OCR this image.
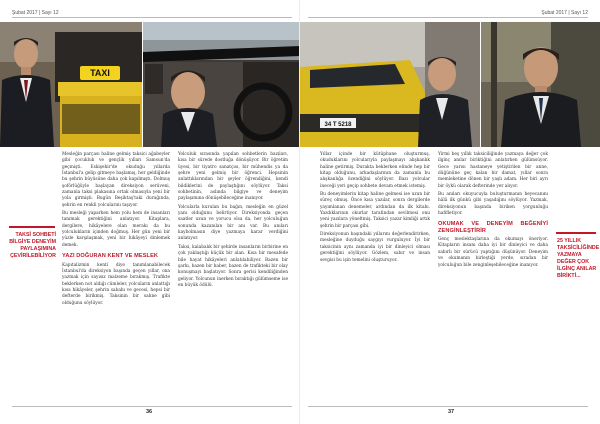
Şubat 2017 | Sayı 12
TAXI

Mesleğin parçası haline gelmiş taksici ağabeyler gibi çocukluk ve gençlik yılları Samsun'da geçmişti. Eskişehir'de okuduğu yıllarda İstanbul'a gelip gitmeye başlamış, her geldiğinde bu şehrin büyüsüne daha çok kapılmıştı. Dolmuş şoförlüğüyle başlayan direksiyon serüveni, zamanla taksi plakasına ortak olmasıyla yeni bir yola girmişti. Bugün Beşiktaş'taki durağında, şehrin en renkli yolcularını taşıyor.

Bu mesleği yaparken hem yolu hem de insanları tanımak gerektiğini anlatıyor. Kitaplara, dergilere, hikâyelere olan merakı da bu yolculukların içinden doğmuş. Her gün yeni bir yüzle karşılaşmak, yeni bir hikâyeyi dinlemek demek.

YAZI DOĞURAN KENT VE MESLEK

Kapıtalizmin kenti diye tanımlanabilecek İstanbul'da direksiyon başında geçen yıllar, ona yazmak için sayısız malzeme bırakmış. Trafikte beklerken not aldığı cümleler, yolcuların anlattığı kısa hikâyeler, şehrin sabahı ve gecesi, hepsi bir defterde birikmiş. Taksinin bir sahne gibi olduğunu söylüyor.

Yolculuk sırasında yapılan sohbetlerin bazıları, kısa bir sürede dostluğa dönüşüyor. Bir öğretim üyesi, bir tiyatro sanatçısı, bir mühendis ya da şehre yeni gelmiş bir öğrenci. Hepsinin anlattıklarından bir şeyler öğrendiğini, kendi bildiklerini de paylaştığını söylüyor. Taksi sohbetinin, aslında bilgiye ve deneyim paylaşımına dönüşebileceğine inanıyor.

Yolcularla kurulan bu bağın, mesleğin en güzel yanı olduğunu belirtiyor. Direksiyonda geçen saatler uzun ve yorucu olsa da, her yolculuğun sonunda kazanılan bir anı var. Bu anıları kaybolmasın diye yazmaya karar verdiğini anlatıyor.

Taksi, kalabalık bir şehirde insanların birbirine en çok yaklaştığı küçük bir alan. Kısa bir mesafede bile hayat hikâyeleri anlatılabiliyor. Bazen bir şarkı, bazen bir haber, bazen de trafikteki bir olay konuşmayı başlatıyor. Sonra gerisi kendiliğinden geliyor. Yolcunun inerken bıraktığı gülümseme ise en büyük ödülü.

TAKSİ SOHBETİ BİLGİYE DENEYİM PAYLAŞIMINA ÇEVİRİLEBİLİYOR
36
Şubat 2017 | Sayı 12
34 T 5218

Yıllar içinde bir kütüphane oluşturmuş, okuduklarını yolcularıyla paylaşmayı alışkanlık haline getirmiş. Durakta beklerken elinde hep bir kitap olduğunu, arkadaşlarının da zamanla bu alışkanlığa özendiğini söylüyor. Bazı yolcular ineceği yeri geçip sohbete devam etmek istemiş.

Bu deneyimlerin kitap haline gelmesi ise uzun bir süreç olmuş. Önce kısa yazılar, sonra dergilerde yayımlanan denemeler, ardından da ilk kitabı. Yazdıklarının okurlar tarafından sevilmesi onu yeni yazılara yöneltmiş. Taksici yazar kimliği artık şehrin bir parçası gibi.

Direksiyonun başındaki yıllarını değerlendirirken, mesleğine duyduğu saygıyı vurguluyor. İyi bir taksicinin aynı zamanda iyi bir dinleyici olması gerektiğini söylüyor. Gözlem, sabır ve insan sevgisi bu işin temelini oluşturuyor.

Yirmi beş yıllık taksiciliğinde yazmaya değer çok ilginç anılar biriktiğini anlatırken gülümsüyor. Gece yarısı hastaneye yetiştirilen bir anne, düğününe geç kalan bir damat, yıllar sonra memleketine dönen bir yaşlı adam. Her biri ayrı bir öykü olarak defterinde yer alıyor.

Bu anıları okuyucuyla buluşturmanın heyecanını hâlâ ilk günkü gibi yaşadığını söylüyor. Yazmak, direksiyonun başında biriken yorgunluğu hafifletiyor.

OKUMAK VE DENEYİM BEĞENİYİ ZENGİNLEŞTİRİR

Genç meslektaşlarına da okumayı öneriyor. Kitapların insanı daha iyi bir dinleyici ve daha sabırlı bir sürücü yaptığını düşünüyor. Deneyim ve okumanın birleştiği yerde, sıradan bir yolculuğun bile zenginleşebileceğine inanıyor.

37
25 YILLIK TAKSİCİLİĞİNDE YAZMAYA DEĞER ÇOK İLGİNÇ ANILAR BİRİKTİ...
